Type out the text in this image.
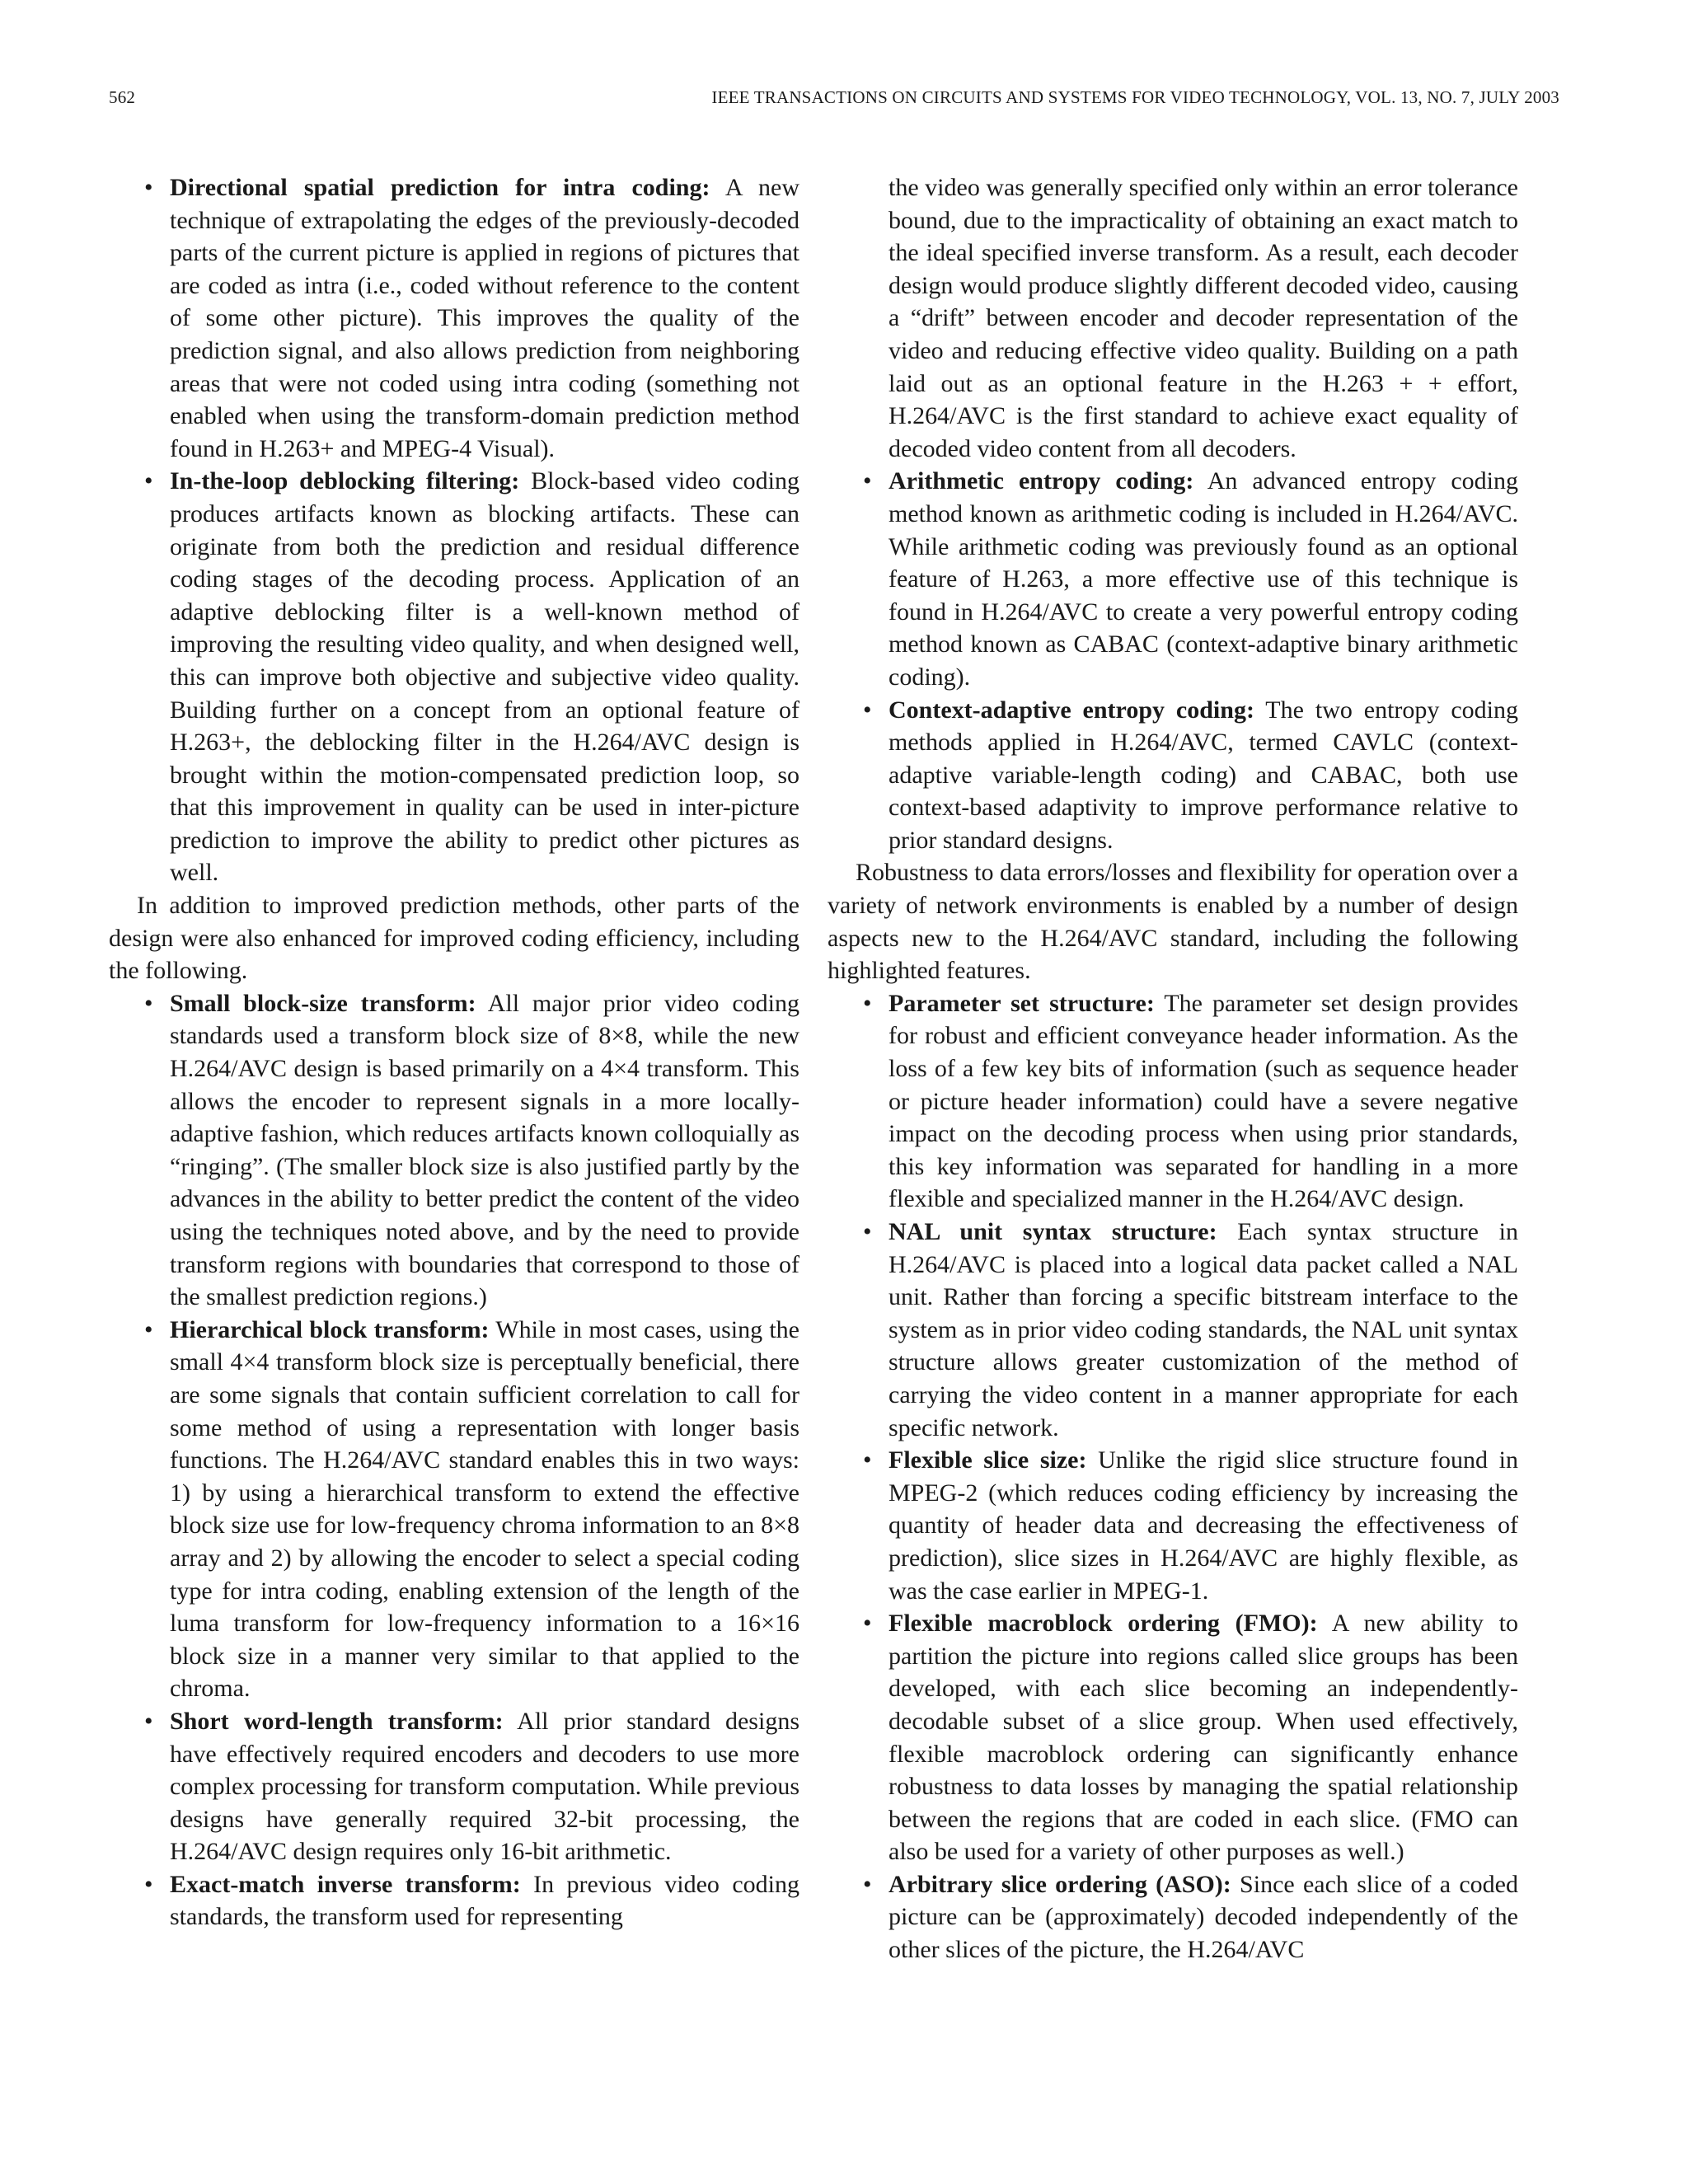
562	IEEE TRANSACTIONS ON CIRCUITS AND SYSTEMS FOR VIDEO TECHNOLOGY, VOL. 13, NO. 7, JULY 2003
• Directional spatial prediction for intra coding: A new technique of extrapolating the edges of the previously-decoded parts of the current picture is applied in regions of pictures that are coded as intra (i.e., coded without reference to the content of some other picture). This improves the quality of the prediction signal, and also allows prediction from neighboring areas that were not coded using intra coding (something not enabled when using the transform-domain prediction method found in H.263+ and MPEG-4 Visual).
• In-the-loop deblocking filtering: Block-based video coding produces artifacts known as blocking artifacts. These can originate from both the prediction and residual difference coding stages of the decoding process. Application of an adaptive deblocking filter is a well-known method of improving the resulting video quality, and when designed well, this can improve both objective and subjective video quality. Building further on a concept from an optional feature of H.263+, the deblocking filter in the H.264/AVC design is brought within the motion-compensated prediction loop, so that this improvement in quality can be used in inter-picture prediction to improve the ability to predict other pictures as well.

In addition to improved prediction methods, other parts of the design were also enhanced for improved coding efficiency, including the following.

• Small block-size transform: All major prior video coding standards used a transform block size of 8×8, while the new H.264/AVC design is based primarily on a 4×4 transform. This allows the encoder to represent signals in a more locally-adaptive fashion, which reduces artifacts known colloquially as “ringing”. (The smaller block size is also justified partly by the advances in the ability to better predict the content of the video using the techniques noted above, and by the need to provide transform regions with boundaries that correspond to those of the smallest prediction regions.)
• Hierarchical block transform: While in most cases, using the small 4×4 transform block size is perceptually beneficial, there are some signals that contain sufficient correlation to call for some method of using a representation with longer basis functions. The H.264/AVC standard enables this in two ways: 1) by using a hierarchical transform to extend the effective block size use for low-frequency chroma information to an 8×8 array and 2) by allowing the encoder to select a special coding type for intra coding, enabling extension of the length of the luma transform for low-frequency information to a 16×16 block size in a manner very similar to that applied to the chroma.
• Short word-length transform: All prior standard designs have effectively required encoders and decoders to use more complex processing for transform computation. While previous designs have generally required 32-bit processing, the H.264/AVC design requires only 16-bit arithmetic.
• Exact-match inverse transform: In previous video coding standards, the transform used for representing
the video was generally specified only within an error tolerance bound, due to the impracticality of obtaining an exact match to the ideal specified inverse transform. As a result, each decoder design would produce slightly different decoded video, causing a “drift” between encoder and decoder representation of the video and reducing effective video quality. Building on a path laid out as an optional feature in the H.263 + + effort, H.264/AVC is the first standard to achieve exact equality of decoded video content from all decoders.
• Arithmetic entropy coding: An advanced entropy coding method known as arithmetic coding is included in H.264/AVC. While arithmetic coding was previously found as an optional feature of H.263, a more effective use of this technique is found in H.264/AVC to create a very powerful entropy coding method known as CABAC (context-adaptive binary arithmetic coding).
• Context-adaptive entropy coding: The two entropy coding methods applied in H.264/AVC, termed CAVLC (context-adaptive variable-length coding) and CABAC, both use context-based adaptivity to improve performance relative to prior standard designs.

Robustness to data errors/losses and flexibility for operation over a variety of network environments is enabled by a number of design aspects new to the H.264/AVC standard, including the following highlighted features.

• Parameter set structure: The parameter set design provides for robust and efficient conveyance header information. As the loss of a few key bits of information (such as sequence header or picture header information) could have a severe negative impact on the decoding process when using prior standards, this key information was separated for handling in a more flexible and specialized manner in the H.264/AVC design.
• NAL unit syntax structure: Each syntax structure in H.264/AVC is placed into a logical data packet called a NAL unit. Rather than forcing a specific bitstream interface to the system as in prior video coding standards, the NAL unit syntax structure allows greater customization of the method of carrying the video content in a manner appropriate for each specific network.
• Flexible slice size: Unlike the rigid slice structure found in MPEG-2 (which reduces coding efficiency by increasing the quantity of header data and decreasing the effectiveness of prediction), slice sizes in H.264/AVC are highly flexible, as was the case earlier in MPEG-1.
• Flexible macroblock ordering (FMO): A new ability to partition the picture into regions called slice groups has been developed, with each slice becoming an independently-decodable subset of a slice group. When used effectively, flexible macroblock ordering can significantly enhance robustness to data losses by managing the spatial relationship between the regions that are coded in each slice. (FMO can also be used for a variety of other purposes as well.)
• Arbitrary slice ordering (ASO): Since each slice of a coded picture can be (approximately) decoded independently of the other slices of the picture, the H.264/AVC
